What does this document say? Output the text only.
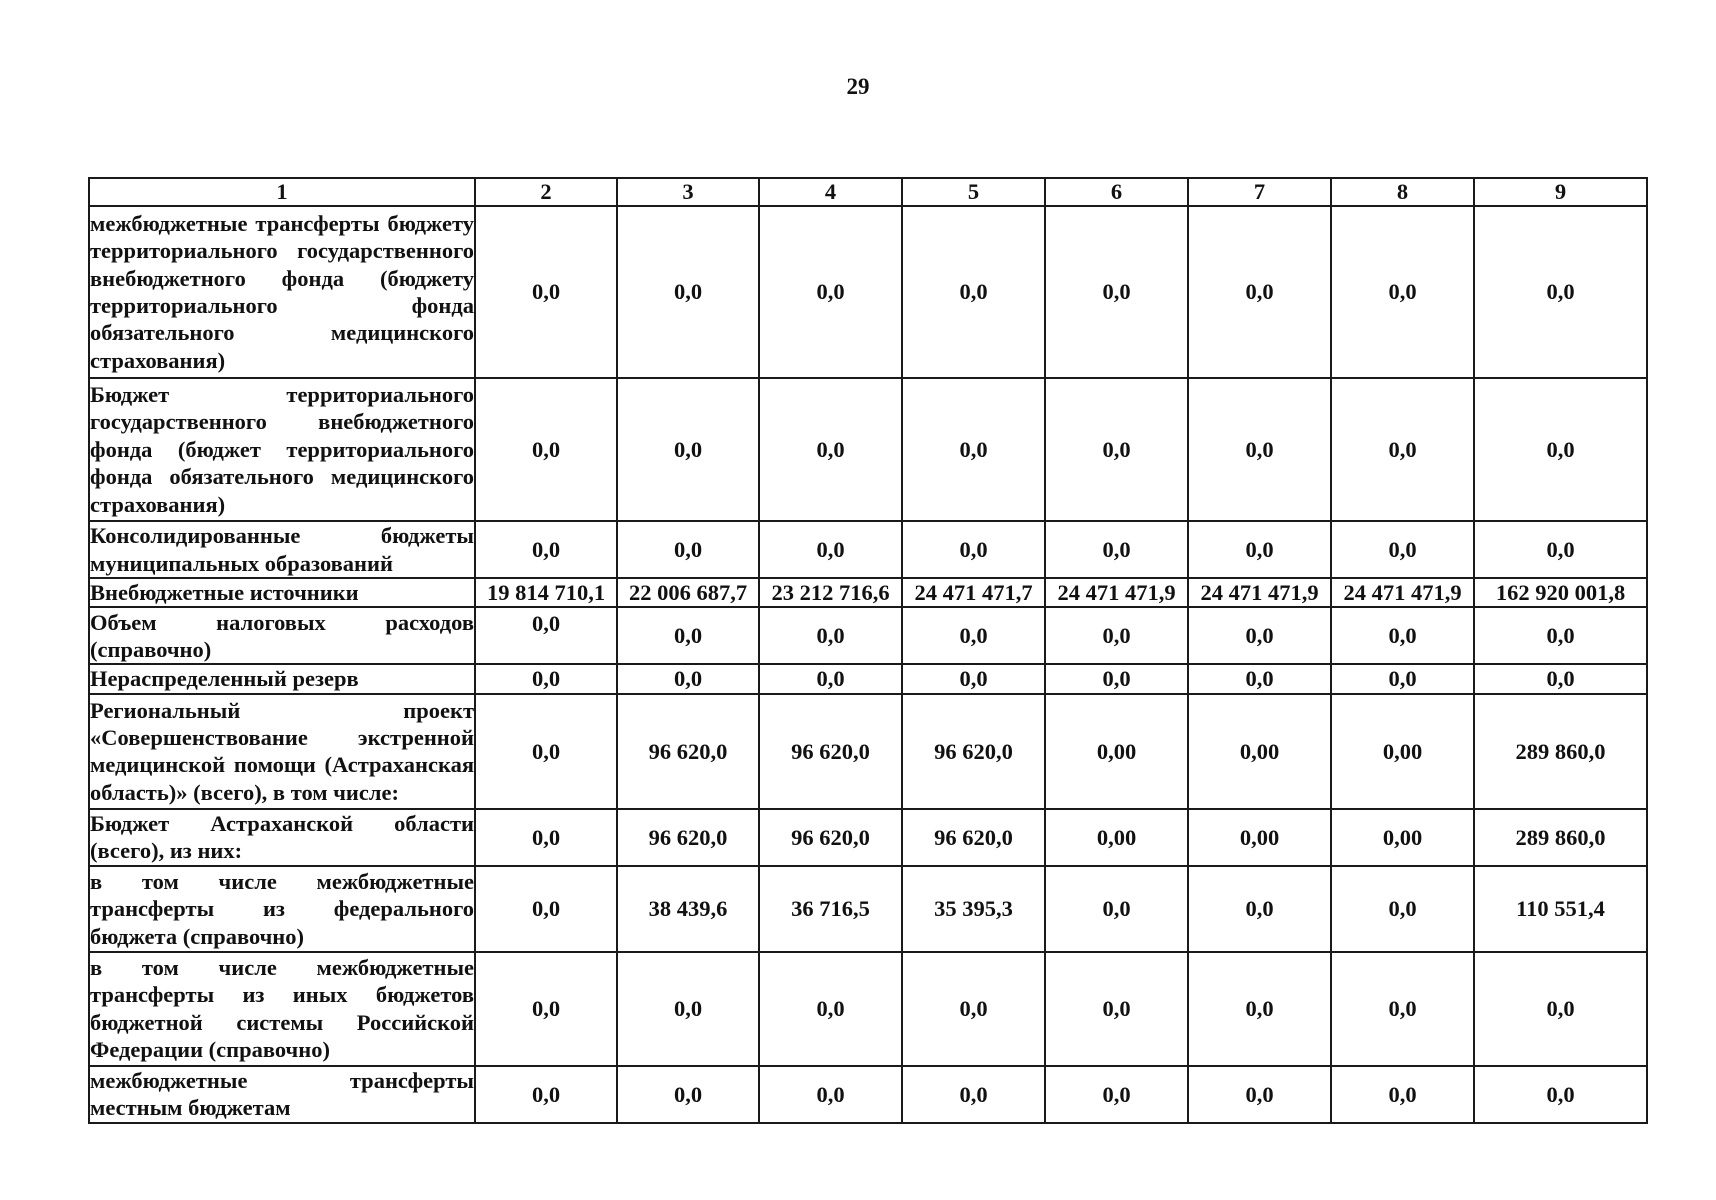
29
1	2	3	4	5	6	7	8	9
межбюджетные трансферты бюджету территориального государственного внебюджетного фонда (бюджету территориального фонда обязательного медицинского страхования)	0,0	0,0	0,0	0,0	0,0	0,0	0,0	0,0
Бюджет территориального государственного внебюджетного фонда (бюджет территориального фонда обязательного медицинского страхования)	0,0	0,0	0,0	0,0	0,0	0,0	0,0	0,0
Консолидированные бюджеты муниципальных образований	0,0	0,0	0,0	0,0	0,0	0,0	0,0	0,0
Внебюджетные источники	19 814 710,1	22 006 687,7	23 212 716,6	24 471 471,7	24 471 471,9	24 471 471,9	24 471 471,9	162 920 001,8
Объем налоговых расходов (справочно)	0,0	0,0	0,0	0,0	0,0	0,0	0,0	0,0
Нераспределенный резерв	0,0	0,0	0,0	0,0	0,0	0,0	0,0	0,0
Региональный проект «Совершенствование экстренной медицинской помощи (Астраханская область)» (всего), в том числе:	0,0	96 620,0	96 620,0	96 620,0	0,00	0,00	0,00	289 860,0
Бюджет Астраханской области (всего), из них:	0,0	96 620,0	96 620,0	96 620,0	0,00	0,00	0,00	289 860,0
в том числе межбюджетные трансферты из федерального бюджета (справочно)	0,0	38 439,6	36 716,5	35 395,3	0,0	0,0	0,0	110 551,4
в том числе межбюджетные трансферты из иных бюджетов бюджетной системы Российской Федерации (справочно)	0,0	0,0	0,0	0,0	0,0	0,0	0,0	0,0
межбюджетные трансферты местным бюджетам	0,0	0,0	0,0	0,0	0,0	0,0	0,0	0,0
